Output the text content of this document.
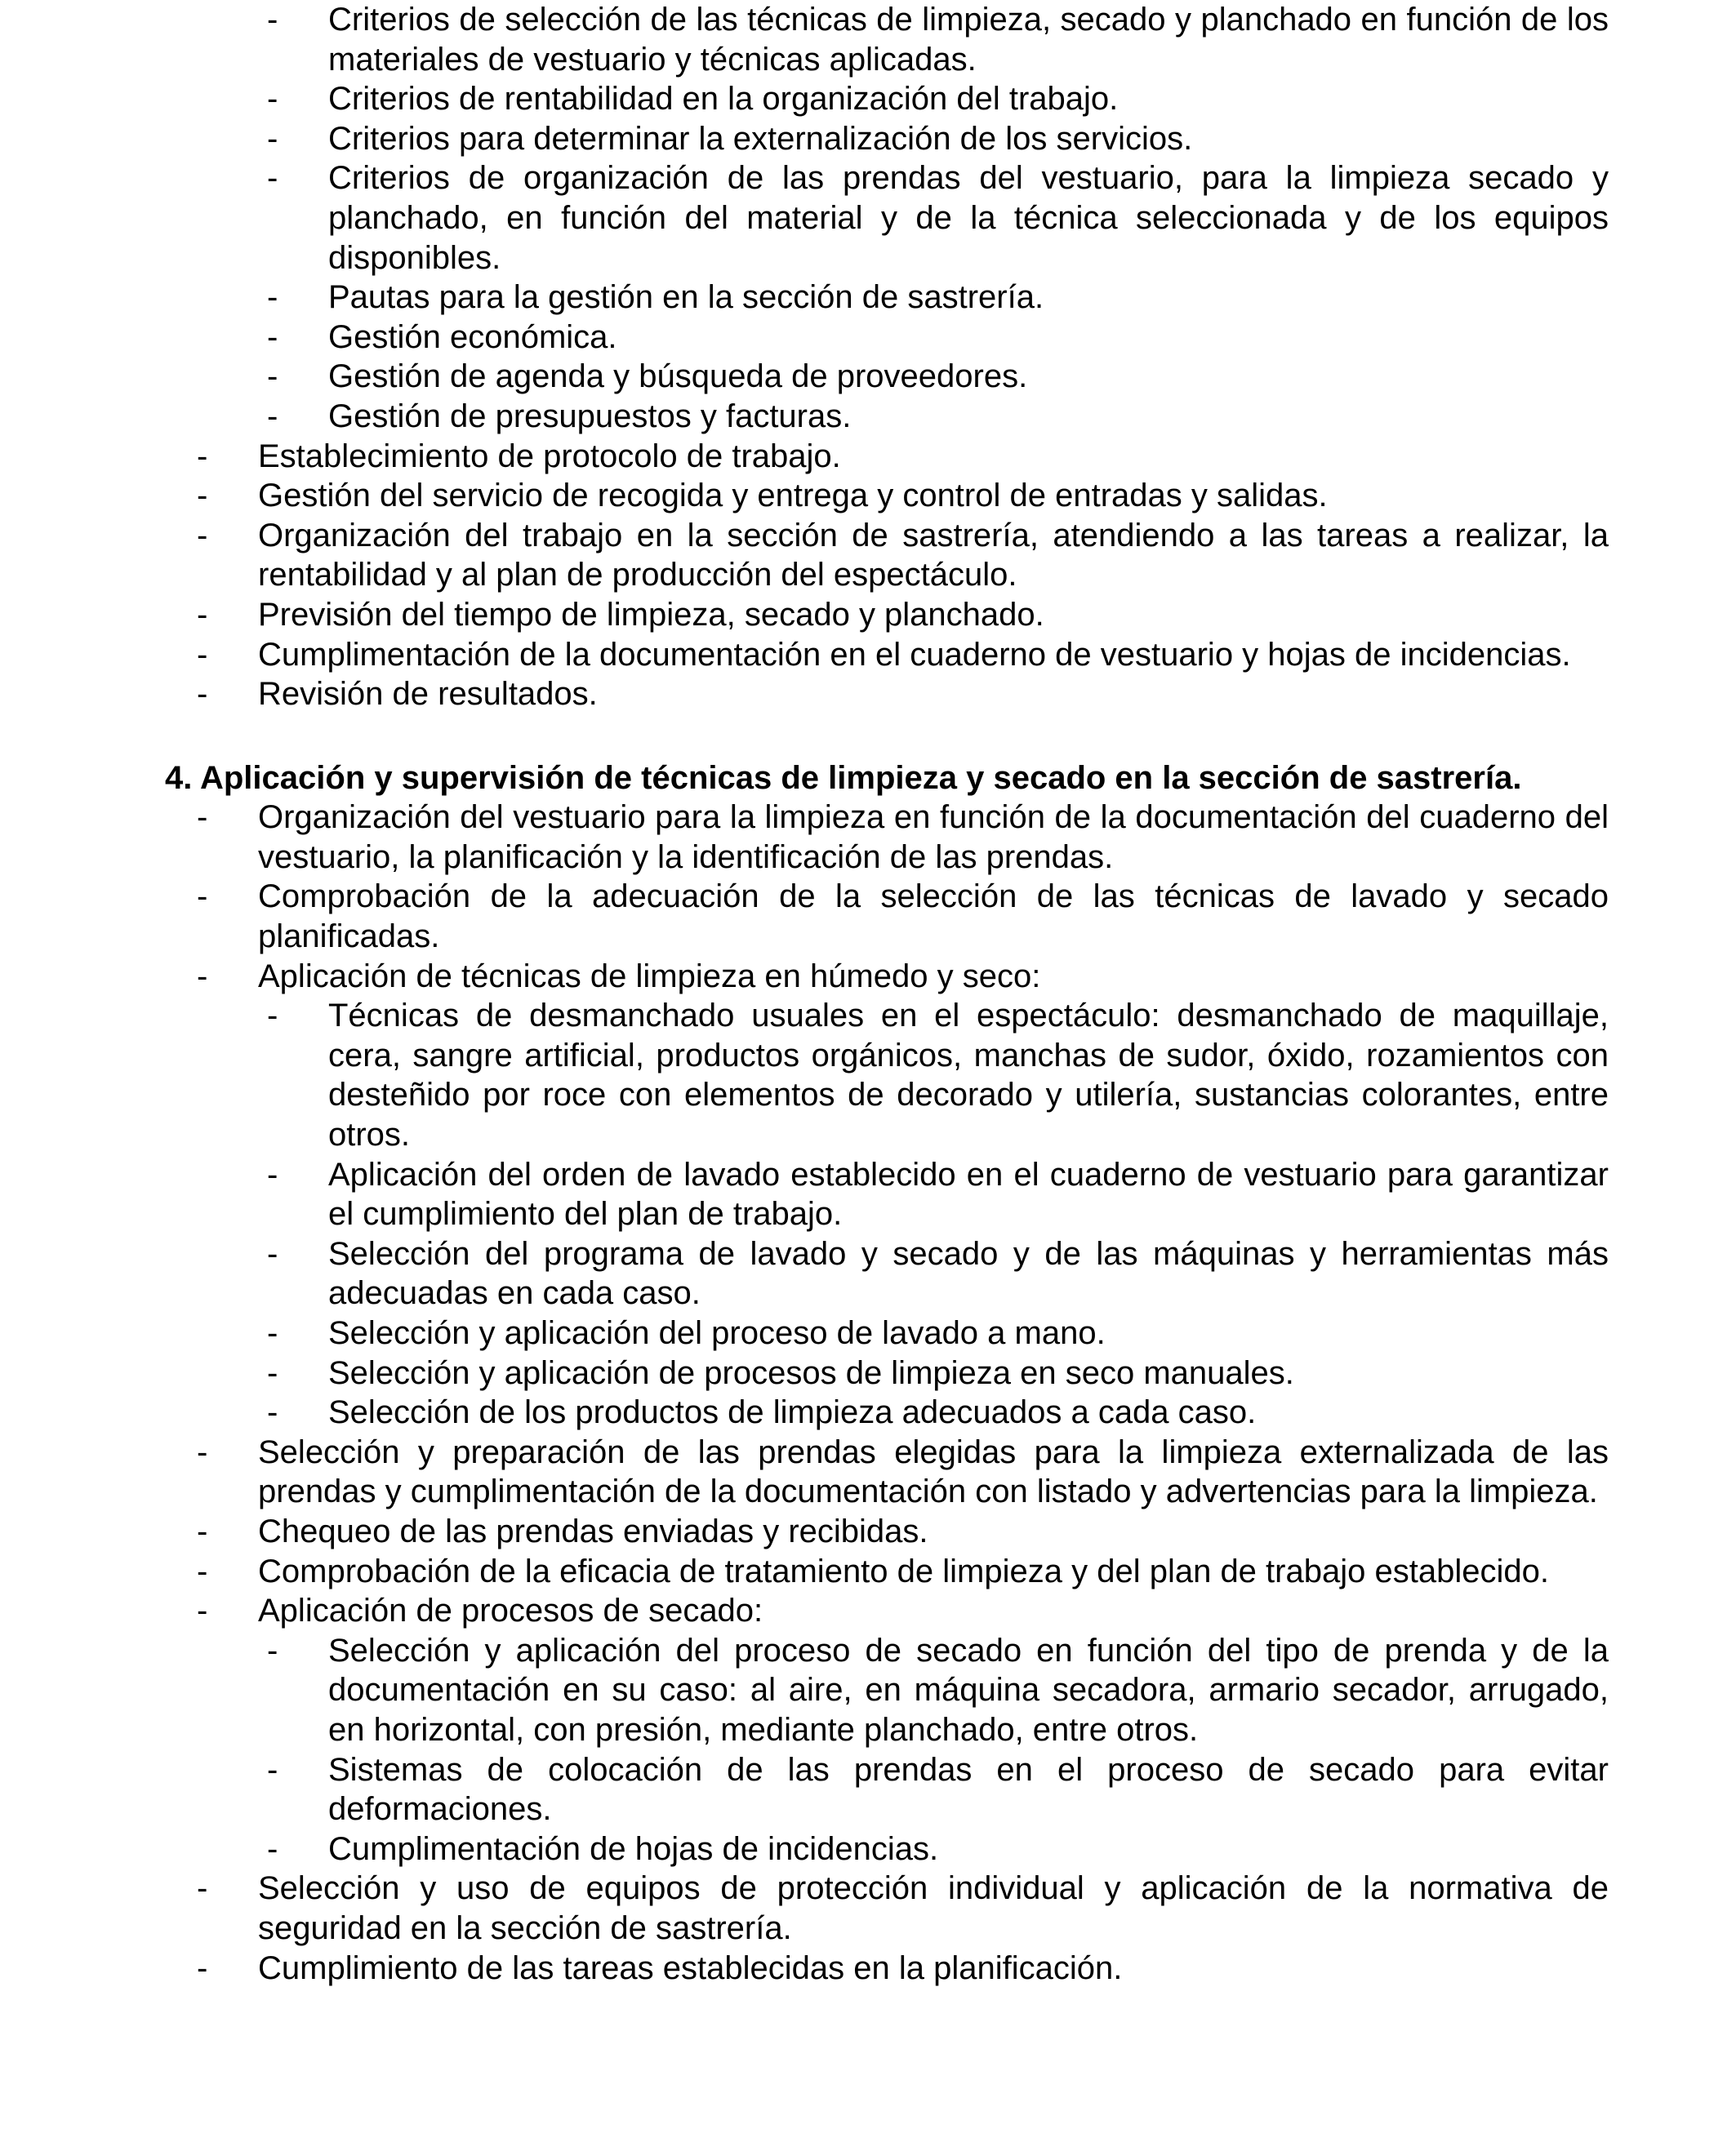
- Criterios de selección de las técnicas de limpieza, secado y planchado en función de los materiales de vestuario y técnicas aplicadas.
- Criterios de rentabilidad en la organización del trabajo.
- Criterios para determinar la externalización de los servicios.
- Criterios de organización de las prendas del vestuario, para la limpieza secado y planchado, en función del material y de la técnica seleccionada y de los equipos disponibles.
- Pautas para la gestión en la sección de sastrería.
- Gestión económica.
- Gestión de agenda y búsqueda de proveedores.
- Gestión de presupuestos y facturas.
- Establecimiento de protocolo de trabajo.
- Gestión del servicio de recogida y entrega y control de entradas y salidas.
- Organización del trabajo en la sección de sastrería, atendiendo a las tareas a realizar, la rentabilidad y al plan de producción del espectáculo.
- Previsión del tiempo de limpieza, secado y planchado.
- Cumplimentación de la documentación en el cuaderno de vestuario y hojas de incidencias.
- Revisión de resultados.
4. Aplicación y supervisión de técnicas de limpieza y secado en la sección de sastrería.
- Organización del vestuario para la limpieza en función de la documentación del cuaderno del vestuario, la planificación y la identificación de las prendas.
- Comprobación de la adecuación de la selección de las técnicas de lavado y secado planificadas.
- Aplicación de técnicas de limpieza en húmedo y seco:
- Técnicas de desmanchado usuales en el espectáculo: desmanchado de maquillaje, cera, sangre artificial, productos orgánicos, manchas de sudor, óxido, rozamientos con desteñido por roce con elementos de decorado y utilería, sustancias colorantes, entre otros.
- Aplicación del orden de lavado establecido en el cuaderno de vestuario para garantizar el cumplimiento del plan de trabajo.
- Selección del programa de lavado y secado y de las máquinas y herramientas más adecuadas en cada caso.
- Selección y aplicación del proceso de lavado a mano.
- Selección y aplicación de procesos de limpieza en seco manuales.
- Selección de los productos de limpieza adecuados a cada caso.
- Selección y preparación de las prendas elegidas para la limpieza externalizada de las prendas y cumplimentación de la documentación con listado y advertencias para la limpieza.
- Chequeo de las prendas enviadas y recibidas.
- Comprobación de la eficacia de tratamiento de limpieza y del plan de trabajo establecido.
- Aplicación de procesos de secado:
- Selección y aplicación del proceso de secado en función del tipo de prenda y de la documentación en su caso: al aire, en máquina secadora, armario secador, arrugado, en horizontal, con presión, mediante planchado, entre otros.
- Sistemas de colocación de las prendas en el proceso de secado para evitar deformaciones.
- Cumplimentación de hojas de incidencias.
- Selección y uso de equipos de protección individual y aplicación de la normativa de seguridad en la sección de sastrería.
- Cumplimiento de las tareas establecidas en la planificación.
